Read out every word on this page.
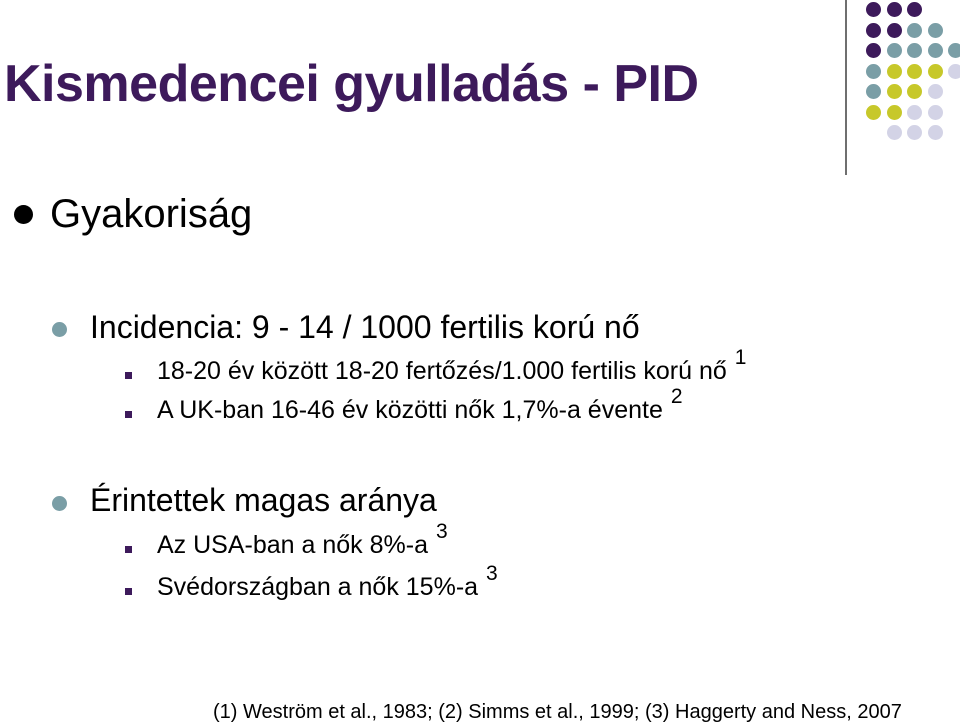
Kismedencei gyulladás - PID
Gyakoriság
Incidencia: 9 - 14 / 1000 fertilis korú nő
18-20 év között 18-20 fertőzés/1.000 fertilis korú nő $^1$
A UK-ban 16-46 év közötti nők 1,7%-a évente $^2$
Érintettek magas aránya
Az USA-ban a nők 8%-a $^3$
Svédországban a nők 15%-a $^3$
(1) Weström et al., 1983; (2) Simms et al., 1999; (3) Haggerty and Ness, 2007
